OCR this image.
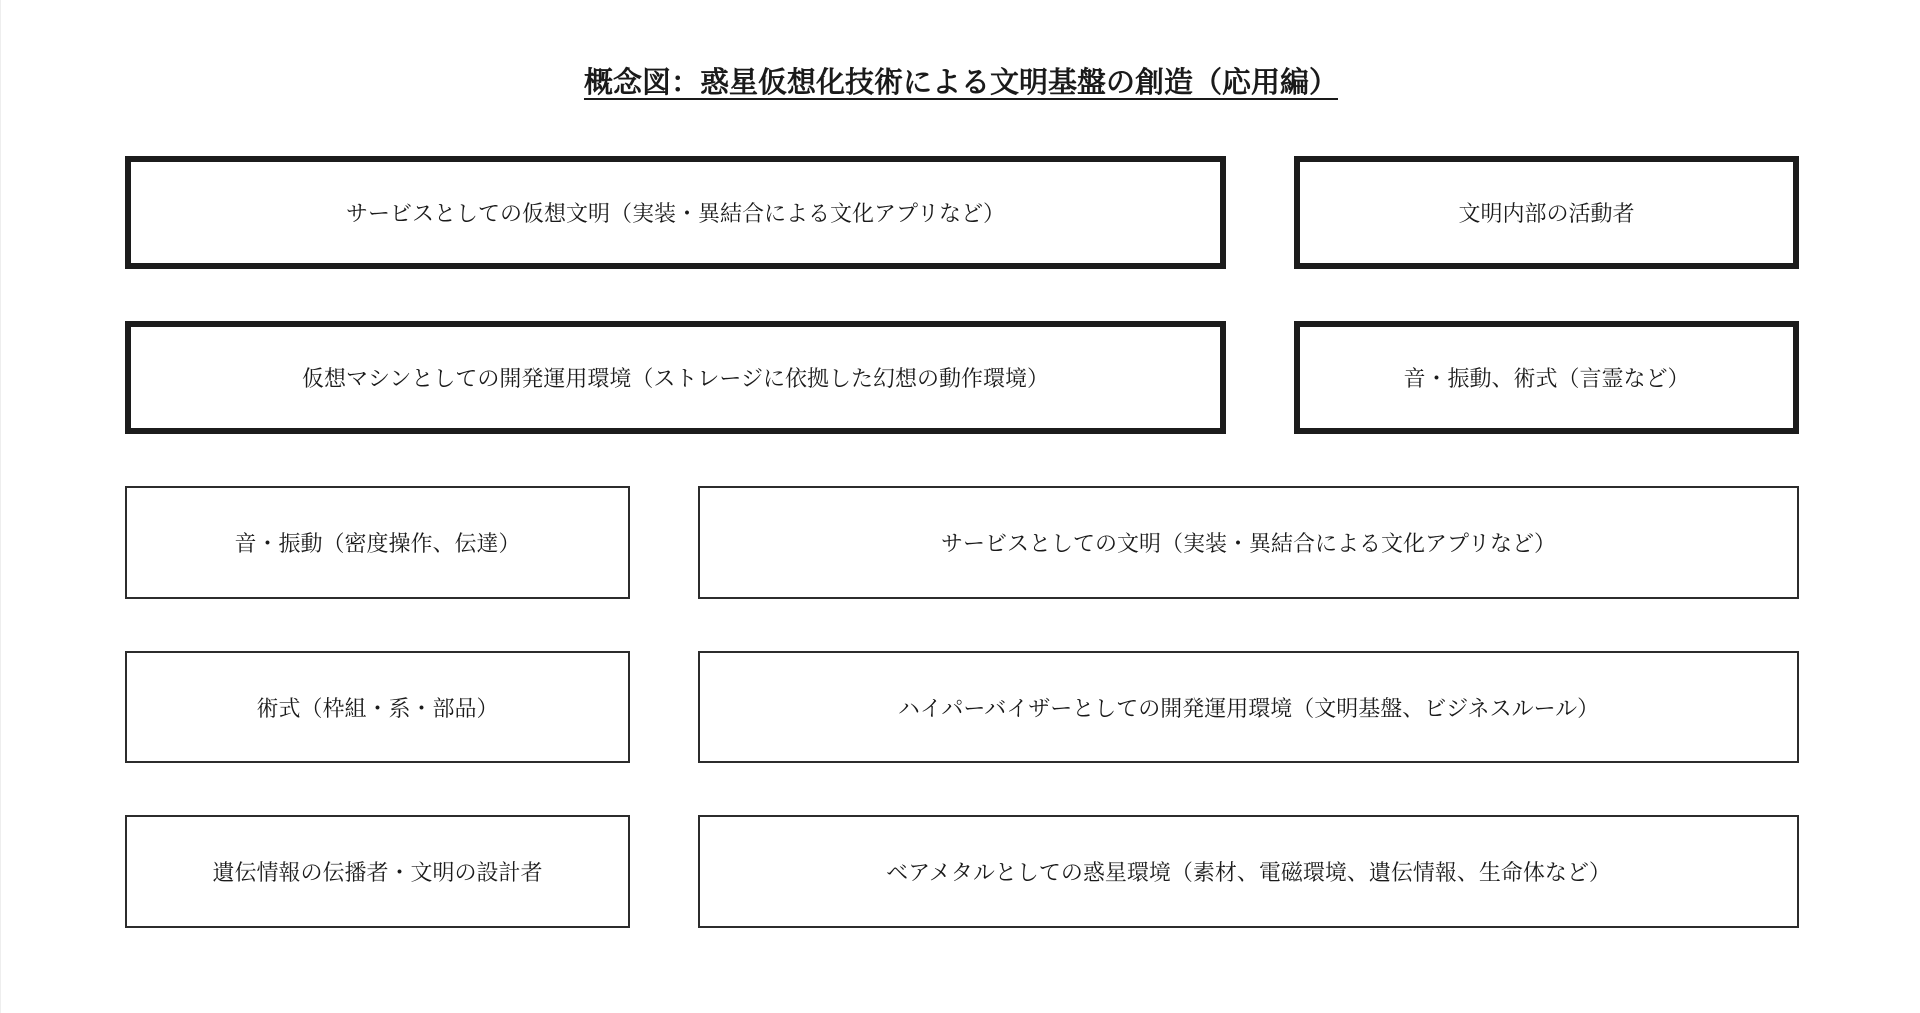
概念図：惑星仮想化技術による文明基盤の創造（応用編）
サービスとしての仮想文明（実装・異結合による文化アプリなど）	文明内部の活動者
仮想マシンとしての開発運用環境（ストレージに依拠した幻想の動作環境）	音・振動、術式（言霊など）
音・振動（密度操作、伝達）	サービスとしての文明（実装・異結合による文化アプリなど）
術式（枠組・系・部品）	ハイパーバイザーとしての開発運用環境（文明基盤、ビジネスルール）
遺伝情報の伝播者・文明の設計者	ベアメタルとしての惑星環境（素材、電磁環境、遺伝情報、生命体など）
